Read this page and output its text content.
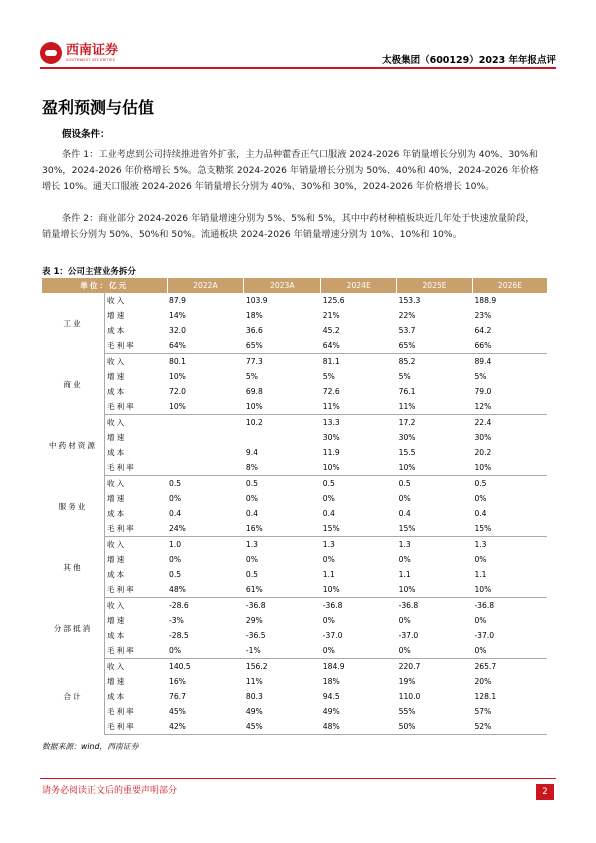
西南证券
SOUTHWEST SECURITIES	太极集团（600129）2023 年年报点评
盈利预测与估值
假设条件：
条件 1：工业考虑到公司持续推进省外扩张，主力品种藿香正气口服液 2024-2026 年销量增长分别为 40%、30%和 30%，2024-2026 年价格增长 5%。急支糖浆 2024-2026 年销量增长分别为 50%、40%和 40%，2024-2026 年价格增长 10%。通天口服液 2024-2026 年销量增长分别为 40%、30%和 30%，2024-2026 年价格增长 10%。
条件 2：商业部分 2024-2026 年销量增速分别为 5%、5%和 5%，其中中药材种植板块近几年处于快速放量阶段，销量增长分别为 50%、50%和 50%。流通板块 2024-2026 年销量增速分别为 10%、10%和 10%。
表 1：公司主营业务拆分
单位：亿元		2022A	2023A	2024E	2025E	2026E
工业	收入	87.9	103.9	125.6	153.3	188.9
	增速	14%	18%	21%	22%	23%
	成本	32.0	36.6	45.2	53.7	64.2
	毛利率	64%	65%	64%	65%	66%
商业	收入	80.1	77.3	81.1	85.2	89.4
	增速	10%	5%	5%	5%	5%
	成本	72.0	69.8	72.6	76.1	79.0
	毛利率	10%	10%	11%	11%	12%
中药材资源	收入		10.2	13.3	17.2	22.4
	增速			30%	30%	30%
	成本		9.4	11.9	15.5	20.2
	毛利率		8%	10%	10%	10%
服务业	收入	0.5	0.5	0.5	0.5	0.5
	增速	0%	0%	0%	0%	0%
	成本	0.4	0.4	0.4	0.4	0.4
	毛利率	24%	16%	15%	15%	15%
其他	收入	1.0	1.3	1.3	1.3	1.3
	增速	0%	0%	0%	0%	0%
	成本	0.5	0.5	1.1	1.1	1.1
	毛利率	48%	61%	10%	10%	10%
分部抵消	收入	-28.6	-36.8	-36.8	-36.8	-36.8
	增速	-3%	29%	0%	0%	0%
	成本	-28.5	-36.5	-37.0	-37.0	-37.0
	毛利率	0%	-1%	0%	0%	0%
合计	收入	140.5	156.2	184.9	220.7	265.7
	增速	16%	11%	18%	19%	20%
	成本	76.7	80.3	94.5	110.0	128.1
	毛利率	45%	49%	49%	55%	57%
	毛利率	42%	45%	48%	50%	52%
数据来源：wind，西南证券
请务必阅读正文后的重要声明部分	2
